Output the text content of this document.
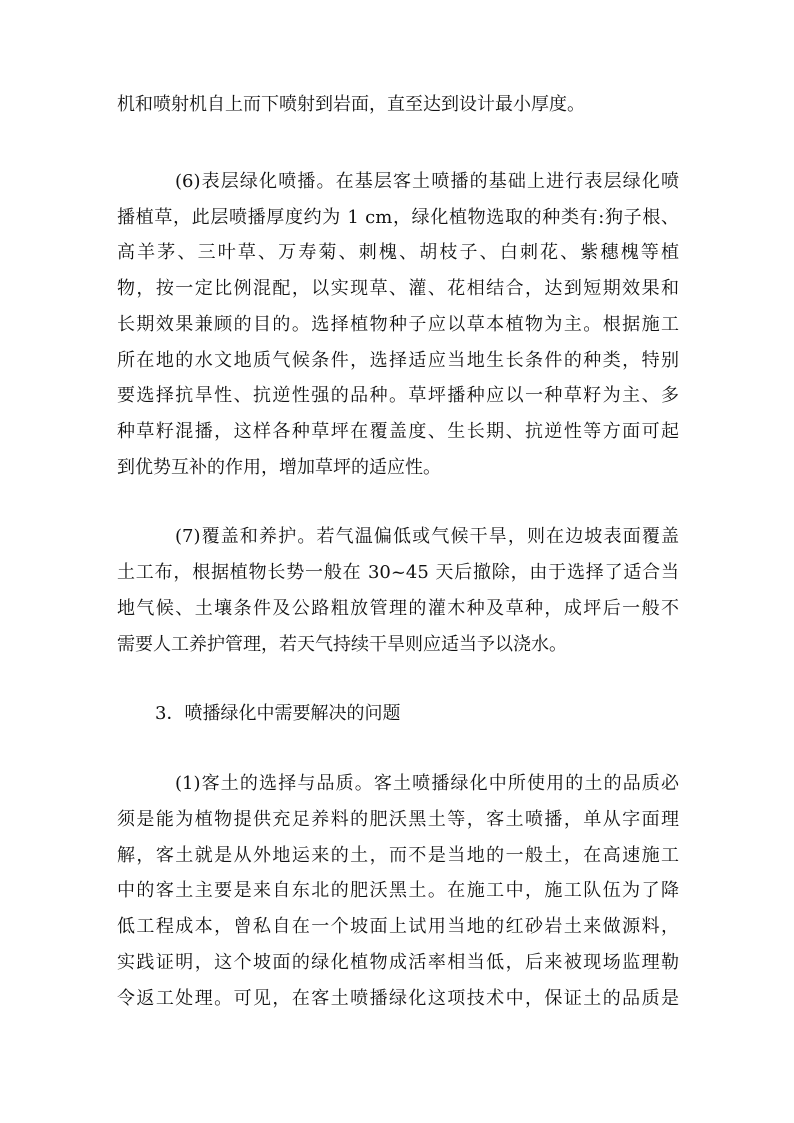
机和喷射机自上而下喷射到岩面，直至达到设计最小厚度。
(6)表层绿化喷播。在基层客土喷播的基础上进行表层绿化喷
播植草，此层喷播厚度约为 1 cm，绿化植物选取的种类有:狗子根、
高羊茅、三叶草、万寿菊、刺槐、胡枝子、白刺花、紫穗槐等植
物，按一定比例混配，以实现草、灌、花相结合，达到短期效果和
长期效果兼顾的目的。选择植物种子应以草本植物为主。根据施工
所在地的水文地质气候条件，选择适应当地生长条件的种类，特别
要选择抗旱性、抗逆性强的品种。草坪播种应以一种草籽为主、多
种草籽混播，这样各种草坪在覆盖度、生长期、抗逆性等方面可起
到优势互补的作用，增加草坪的适应性。
(7)覆盖和养护。若气温偏低或气候干旱，则在边坡表面覆盖
土工布，根据植物长势一般在 30~45 天后撤除，由于选择了适合当
地气候、土壤条件及公路粗放管理的灌木种及草种，成坪后一般不
需要人工养护管理，若天气持续干旱则应适当予以浇水。
3．喷播绿化中需要解决的问题
(1)客土的选择与品质。客土喷播绿化中所使用的土的品质必
须是能为植物提供充足养料的肥沃黑土等，客土喷播，单从字面理
解，客土就是从外地运来的土，而不是当地的一般土，在高速施工
中的客土主要是来自东北的肥沃黑土。在施工中，施工队伍为了降
低工程成本，曾私自在一个坡面上试用当地的红砂岩土来做源料，
实践证明，这个坡面的绿化植物成活率相当低，后来被现场监理勒
令返工处理。可见，在客土喷播绿化这项技术中，保证土的品质是
